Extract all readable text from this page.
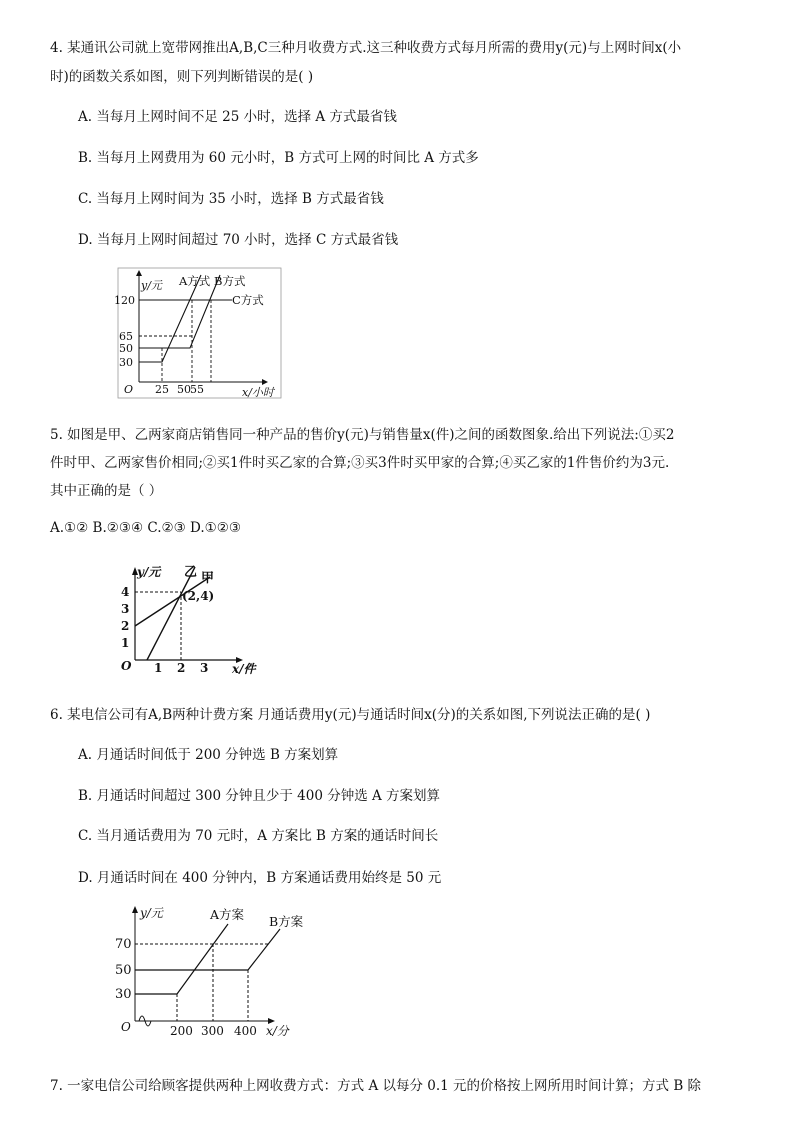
4. 某通讯公司就上宽带网推出A,B,C三种月收费方式.这三种收费方式每月所需的费用y(元)与上网时间x(小
时)的函数关系如图，则下列判断错误的是( )
A. 当每月上网时间不足 25 小时，选择 A 方式最省钱
B. 当每月上网费用为 60 元小时，B 方式可上网的时间比 A 方式多
C. 当每月上网时间为 35 小时，选择 B 方式最省钱
D. 当每月上网时间超过 70 小时，选择 C 方式最省钱
y/元
x/小时
O
120
65
50
30
25 50 55
A方式 B方式
C方式
5. 如图是甲、乙两家商店销售同一种产品的售价y(元)与销售量x(件)之间的函数图象.给出下列说法:①买2
件时甲、乙两家售价相同;②买1件时买乙家的合算;③买3件时买甲家的合算;④买乙家的1件售价约为3元.
其中正确的是（ ）
A.①② B.②③④ C.②③ D.①②③
y/元
x/件
O
4
3
2
1
1 2 3
(2,4)
乙 甲
6. 某电信公司有A,B两种计费方案 月通话费用y(元)与通话时间x(分)的关系如图,下列说法正确的是( )
A. 月通话时间低于 200 分钟选 B 方案划算
B. 月通话时间超过 300 分钟且少于 400 分钟选 A 方案划算
C. 当月通话费用为 70 元时，A 方案比 B 方案的通话时间长
D. 月通话时间在 400 分钟内，B 方案通话费用始终是 50 元
y/元
x/分
O
70
50
30
200 300 400
A方案 B方案
7. 一家电信公司给顾客提供两种上网收费方式：方式 A 以每分 0.1 元的价格按上网所用时间计算；方式 B 除
